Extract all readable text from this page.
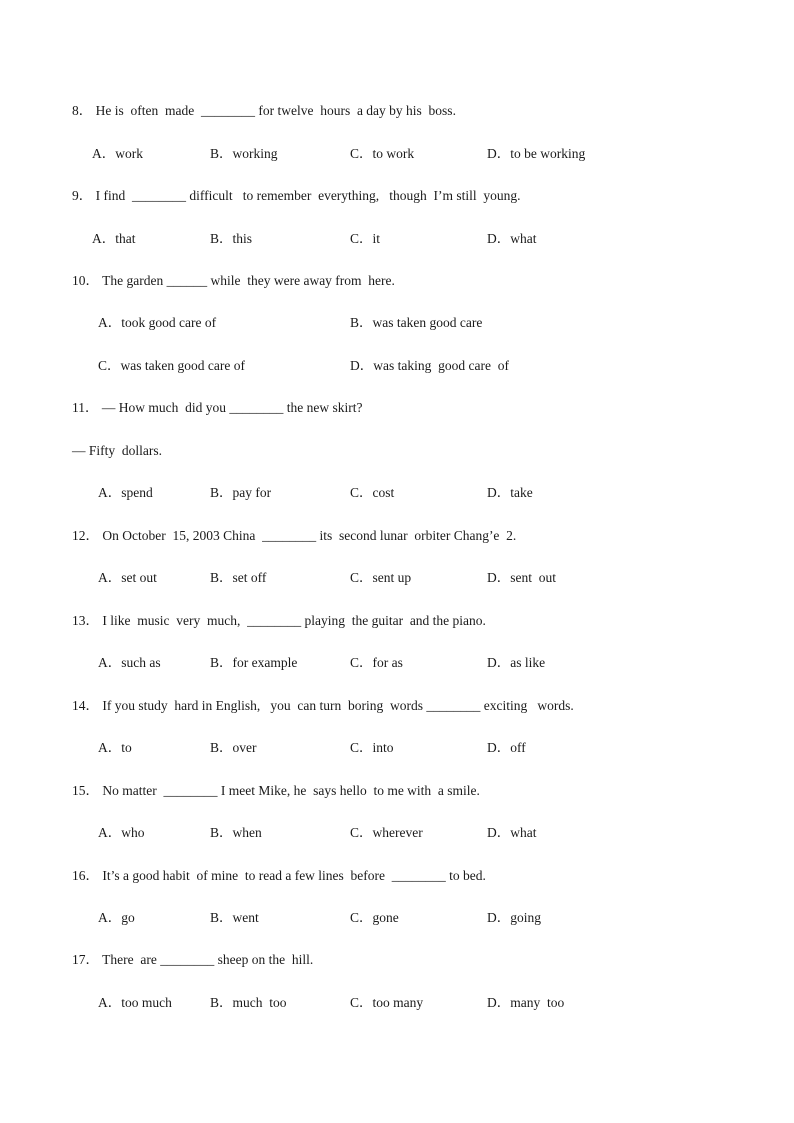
8． He is  often  made  ________ for twelve  hours  a day by his  boss.
A．work	B．working	C．to work	D．to be working
9． I find  ________ difficult   to remember  everything,   though  I’m still  young.
A．that	B．this	C．it	D．what
10． The garden ______ while  they were away from  here.
A．took good care of	B．was taken good care
C．was taken good care of	D．was taking  good care  of
11． — How much  did you ________ the new skirt?
— Fifty  dollars.
A．spend	B．pay for	C．cost	D．take
12． On October  15, 2003 China  ________ its  second lunar  orbiter Chang’e  2.
A．set out	B．set off	C．sent up	D．sent  out
13． I like  music  very  much,  ________ playing  the guitar  and the piano.
A．such as	B．for example	C．for as	D．as like
14． If you study  hard in English,   you  can turn  boring  words ________ exciting   words.
A．to	B．over	C．into	D．off
15． No matter  ________ I meet Mike, he  says hello  to me with  a smile.
A．who	B．when	C．wherever	D．what
16． It’s a good habit  of mine  to read a few lines  before  ________ to bed.
A．go	B．went	C．gone	D．going
17． There  are ________ sheep on the  hill.
A．too much	B．much  too	C．too many	D．many  too
